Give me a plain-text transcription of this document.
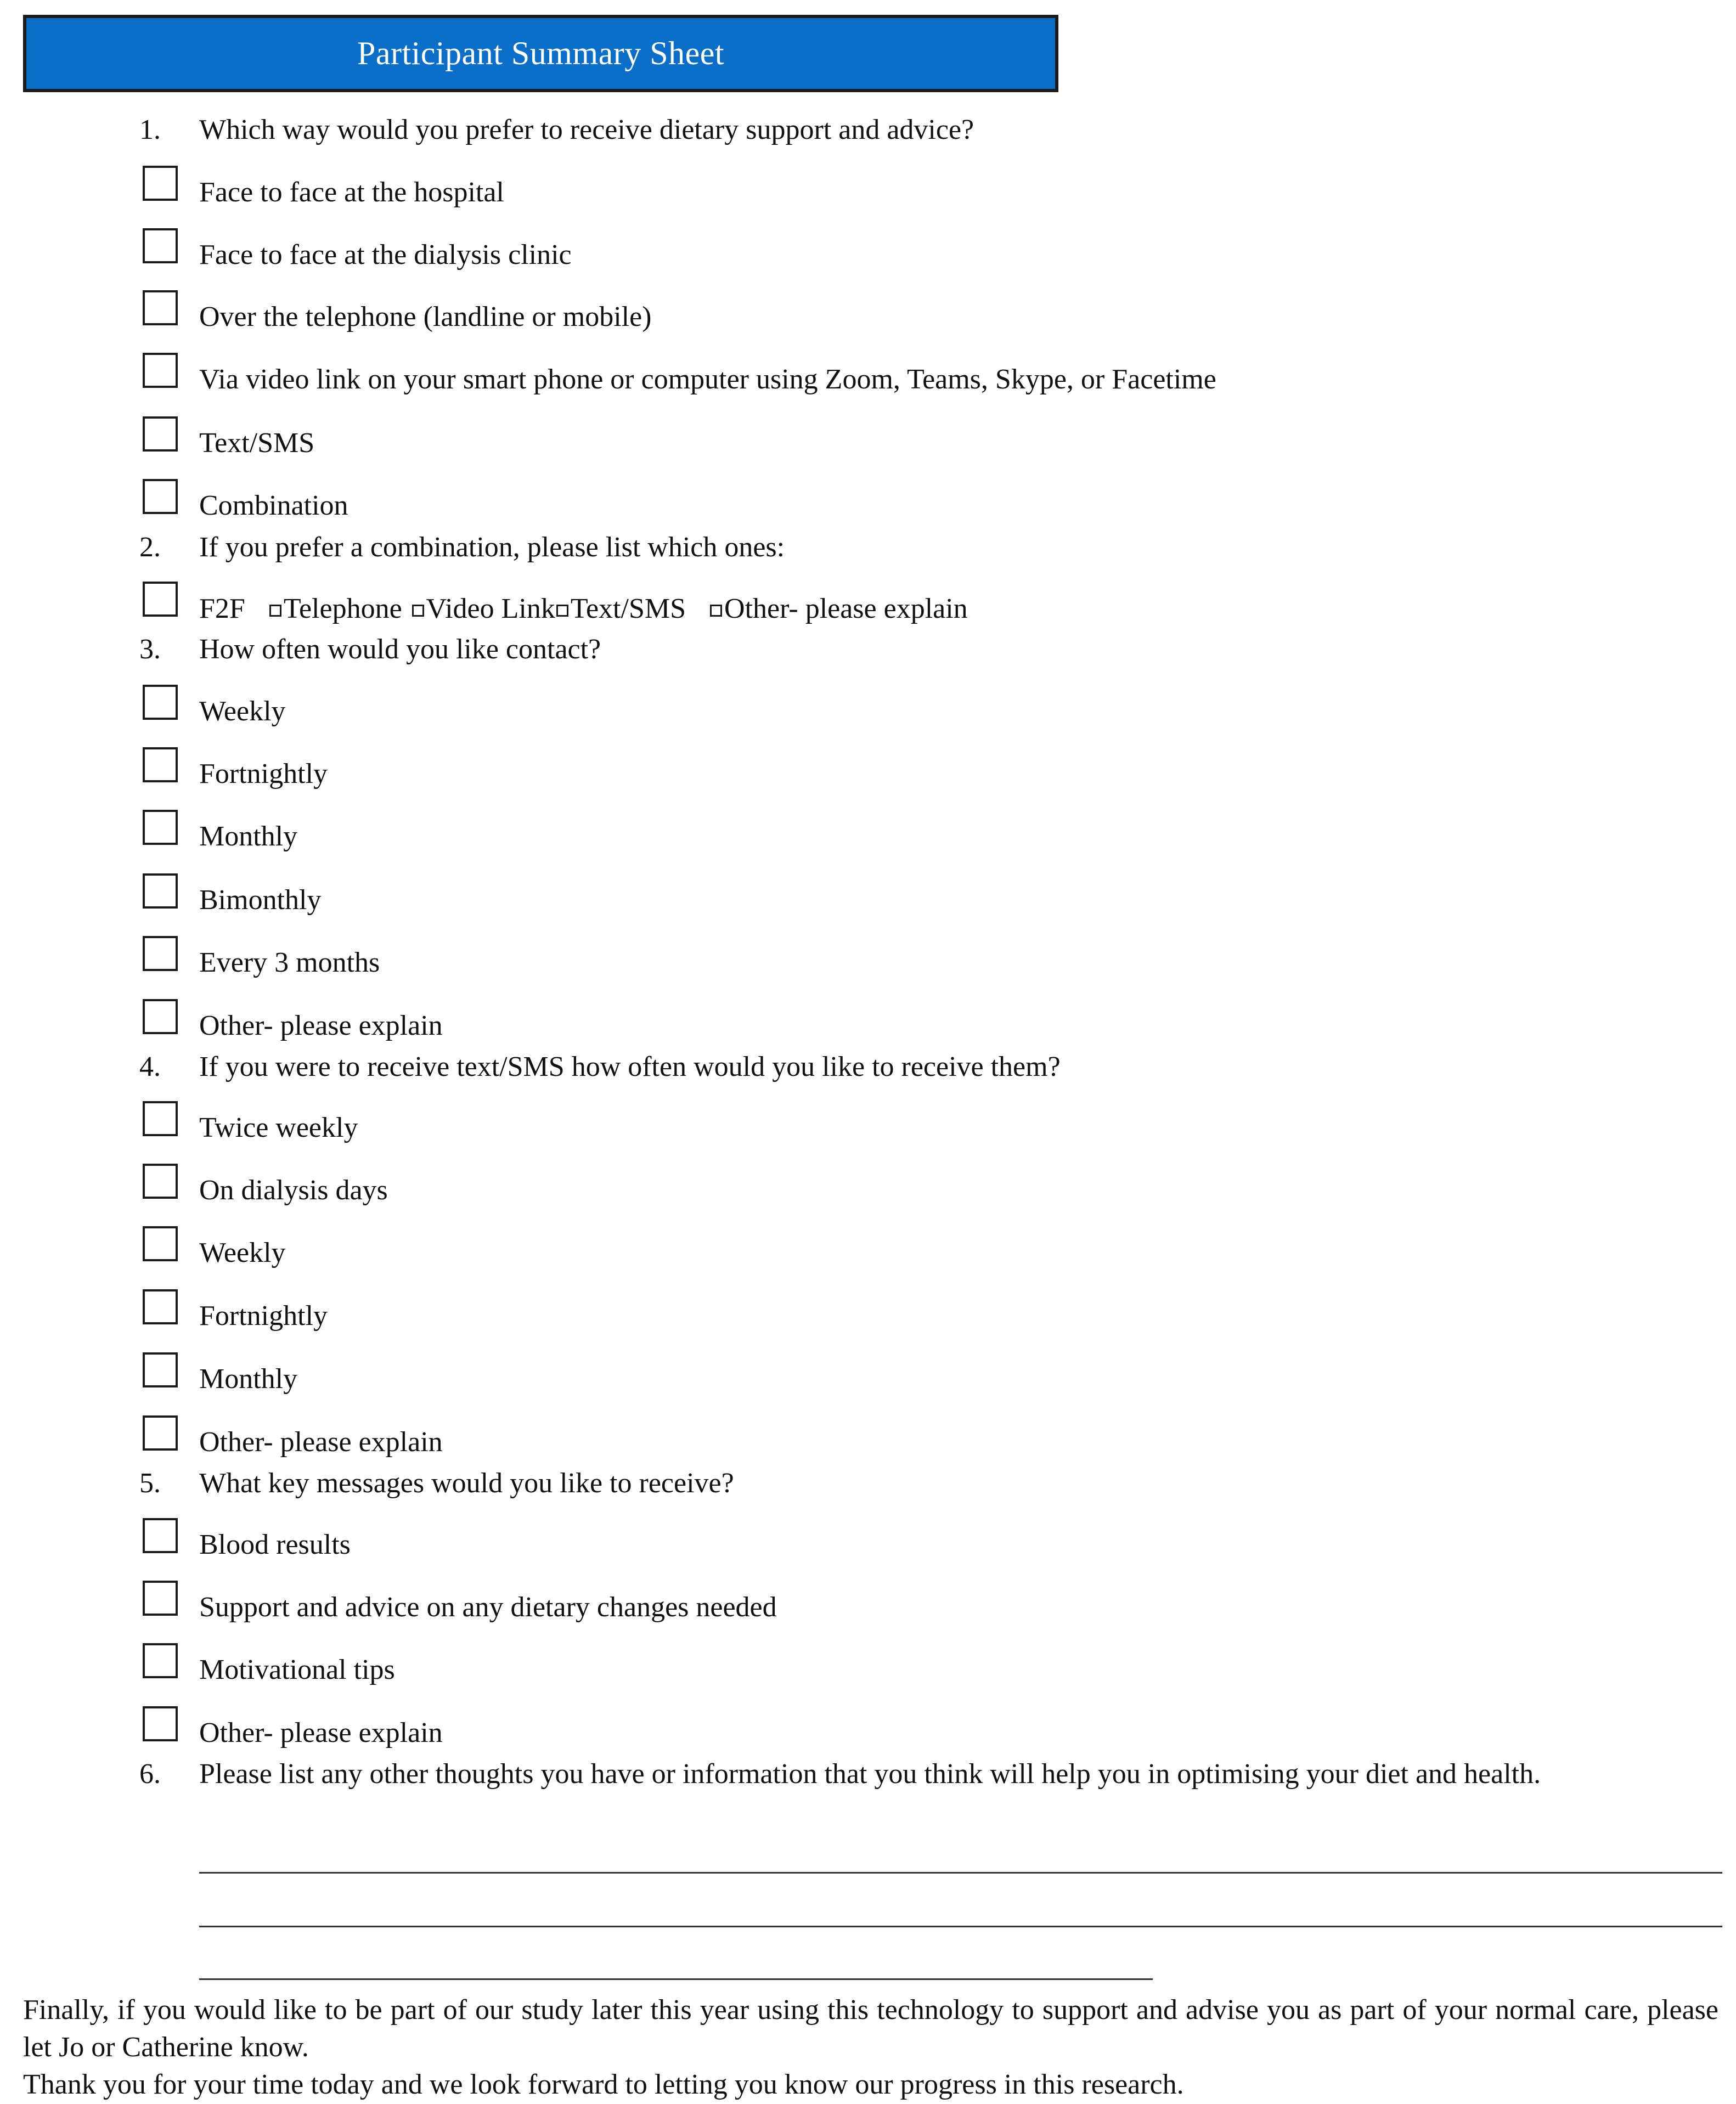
Participant Summary Sheet
1. Which way would you prefer to receive dietary support and advice?
Face to face at the hospital
Face to face at the dialysis clinic
Over the telephone (landline or mobile)
Via video link on your smart phone or computer using Zoom, Teams, Skype, or Facetime
Text/SMS
Combination
2. If you prefer a combination, please list which ones:
F2F Telephone Video Link Text/SMS Other- please explain
3. How often would you like contact?
Weekly
Fortnightly
Monthly
Bimonthly
Every 3 months
Other- please explain
4. If you were to receive text/SMS how often would you like to receive them?
Twice weekly
On dialysis days
Weekly
Fortnightly
Monthly
Other- please explain
5. What key messages would you like to receive?
Blood results
Support and advice on any dietary changes needed
Motivational tips
Other- please explain
6. Please list any other thoughts you have or information that you think will help you in optimising your diet and health.

Finally, if you would like to be part of our study later this year using this technology to support and advise you as part of your normal care, please let Jo or Catherine know.

Thank you for your time today and we look forward to letting you know our progress in this research.
